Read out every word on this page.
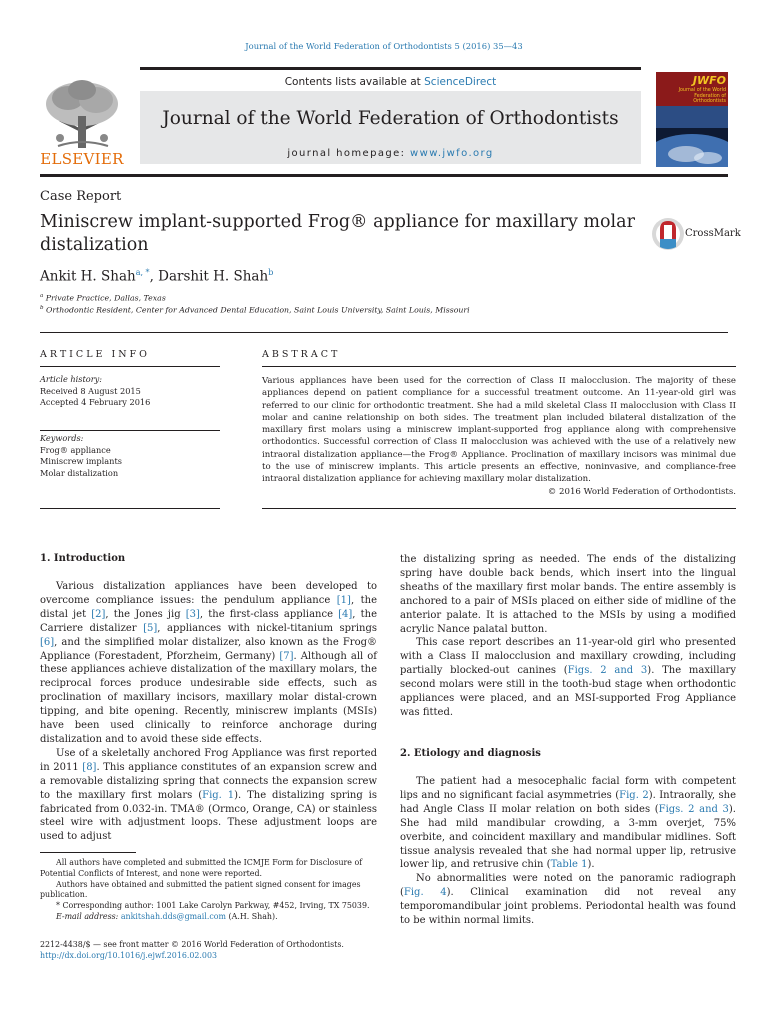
Journal of the World Federation of Orthodontists 5 (2016) 35—43
ELSEVIER
Contents lists available at ScienceDirect
Journal of the World Federation of Orthodontists
journal homepage: www.jwfo.org
JWFO
Journal of the World Federation of Orthodontists
Case Report
Miniscrew implant-supported Frog® appliance for maxillary molar distalization
CrossMark
Ankit H. Shah$^{a, *}$, Darshit H. Shah$^b$
$^a$ Private Practice, Dallas, Texas
$^b$ Orthodontic Resident, Center for Advanced Dental Education, Saint Louis University, Saint Louis, Missouri
ARTICLE INFO	ABSTRACT
Article history:
Received 8 August 2015
Accepted 4 February 2016
Keywords:
Frog® appliance
Miniscrew implants
Molar distalization
Various appliances have been used for the correction of Class II malocclusion. The majority of these appliances depend on patient compliance for a successful treatment outcome. An 11-year-old girl was referred to our clinic for orthodontic treatment. She had a mild skeletal Class II malocclusion with Class II molar and canine relationship on both sides. The treatment plan included bilateral distalization of the maxillary first molars using a miniscrew implant-supported frog appliance along with comprehensive orthodontics. Successful correction of Class II malocclusion was achieved with the use of a relatively new intraoral distalization appliance—the Frog® Appliance. Proclination of maxillary incisors was minimal due to the use of miniscrew implants. This article presents an effective, noninvasive, and compliance-free intraoral distalization appliance for achieving maxillary molar distalization.
© 2016 World Federation of Orthodontists.
1. Introduction

Various distalization appliances have been developed to overcome compliance issues: the pendulum appliance [1], the distal jet [2], the Jones jig [3], the first-class appliance [4], the Carriere distalizer [5], appliances with nickel-titanium springs [6], and the simplified molar distalizer, also known as the Frog® Appliance (Forestadent, Pforzheim, Germany) [7]. Although all of these appliances achieve distalization of the maxillary molars, the reciprocal forces produce undesirable side effects, such as proclination of maxillary incisors, maxillary molar distal-crown tipping, and bite opening. Recently, miniscrew implants (MSIs) have been used clinically to reinforce anchorage during distalization and to avoid these side effects.

Use of a skeletally anchored Frog Appliance was first reported in 2011 [8]. This appliance constitutes of an expansion screw and a removable distalizing spring that connects the expansion screw to the maxillary first molars (Fig. 1). The distalizing spring is fabricated from 0.032-in. TMA® (Ormco, Orange, CA) or stainless steel wire with adjustment loops. These adjustment loops are used to adjust

All authors have completed and submitted the ICMJE Form for Disclosure of Potential Conflicts of Interest, and none were reported.

Authors have obtained and submitted the patient signed consent for images publication.

* Corresponding author: 1001 Lake Carolyn Parkway, #452, Irving, TX 75039.

E-mail address: ankitshah.dds@gmail.com (A.H. Shah).

2212-4438/$ — see front matter © 2016 World Federation of Orthodontists.
http://dx.doi.org/10.1016/j.ejwf.2016.02.003

the distalizing spring as needed. The ends of the distalizing spring have double back bends, which insert into the lingual sheaths of the maxillary first molar bands. The entire assembly is anchored to a pair of MSIs placed on either side of midline of the anterior palate. It is attached to the MSIs by using a modified acrylic Nance palatal button.

This case report describes an 11-year-old girl who presented with a Class II malocclusion and maxillary crowding, including partially blocked-out canines (Figs. 2 and 3). The maxillary second molars were still in the tooth-bud stage when orthodontic appliances were placed, and an MSI-supported Frog Appliance was fitted.

2. Etiology and diagnosis

The patient had a mesocephalic facial form with competent lips and no significant facial asymmetries (Fig. 2). Intraorally, she had Angle Class II molar relation on both sides (Figs. 2 and 3). She had mild mandibular crowding, a 3-mm overjet, 75% overbite, and coincident maxillary and mandibular midlines. Soft tissue analysis revealed that she had normal upper lip, retrusive lower lip, and retrusive chin (Table 1).

No abnormalities were noted on the panoramic radiograph (Fig. 4). Clinical examination did not reveal any temporomandibular joint problems. Periodontal health was found to be within normal limits.
